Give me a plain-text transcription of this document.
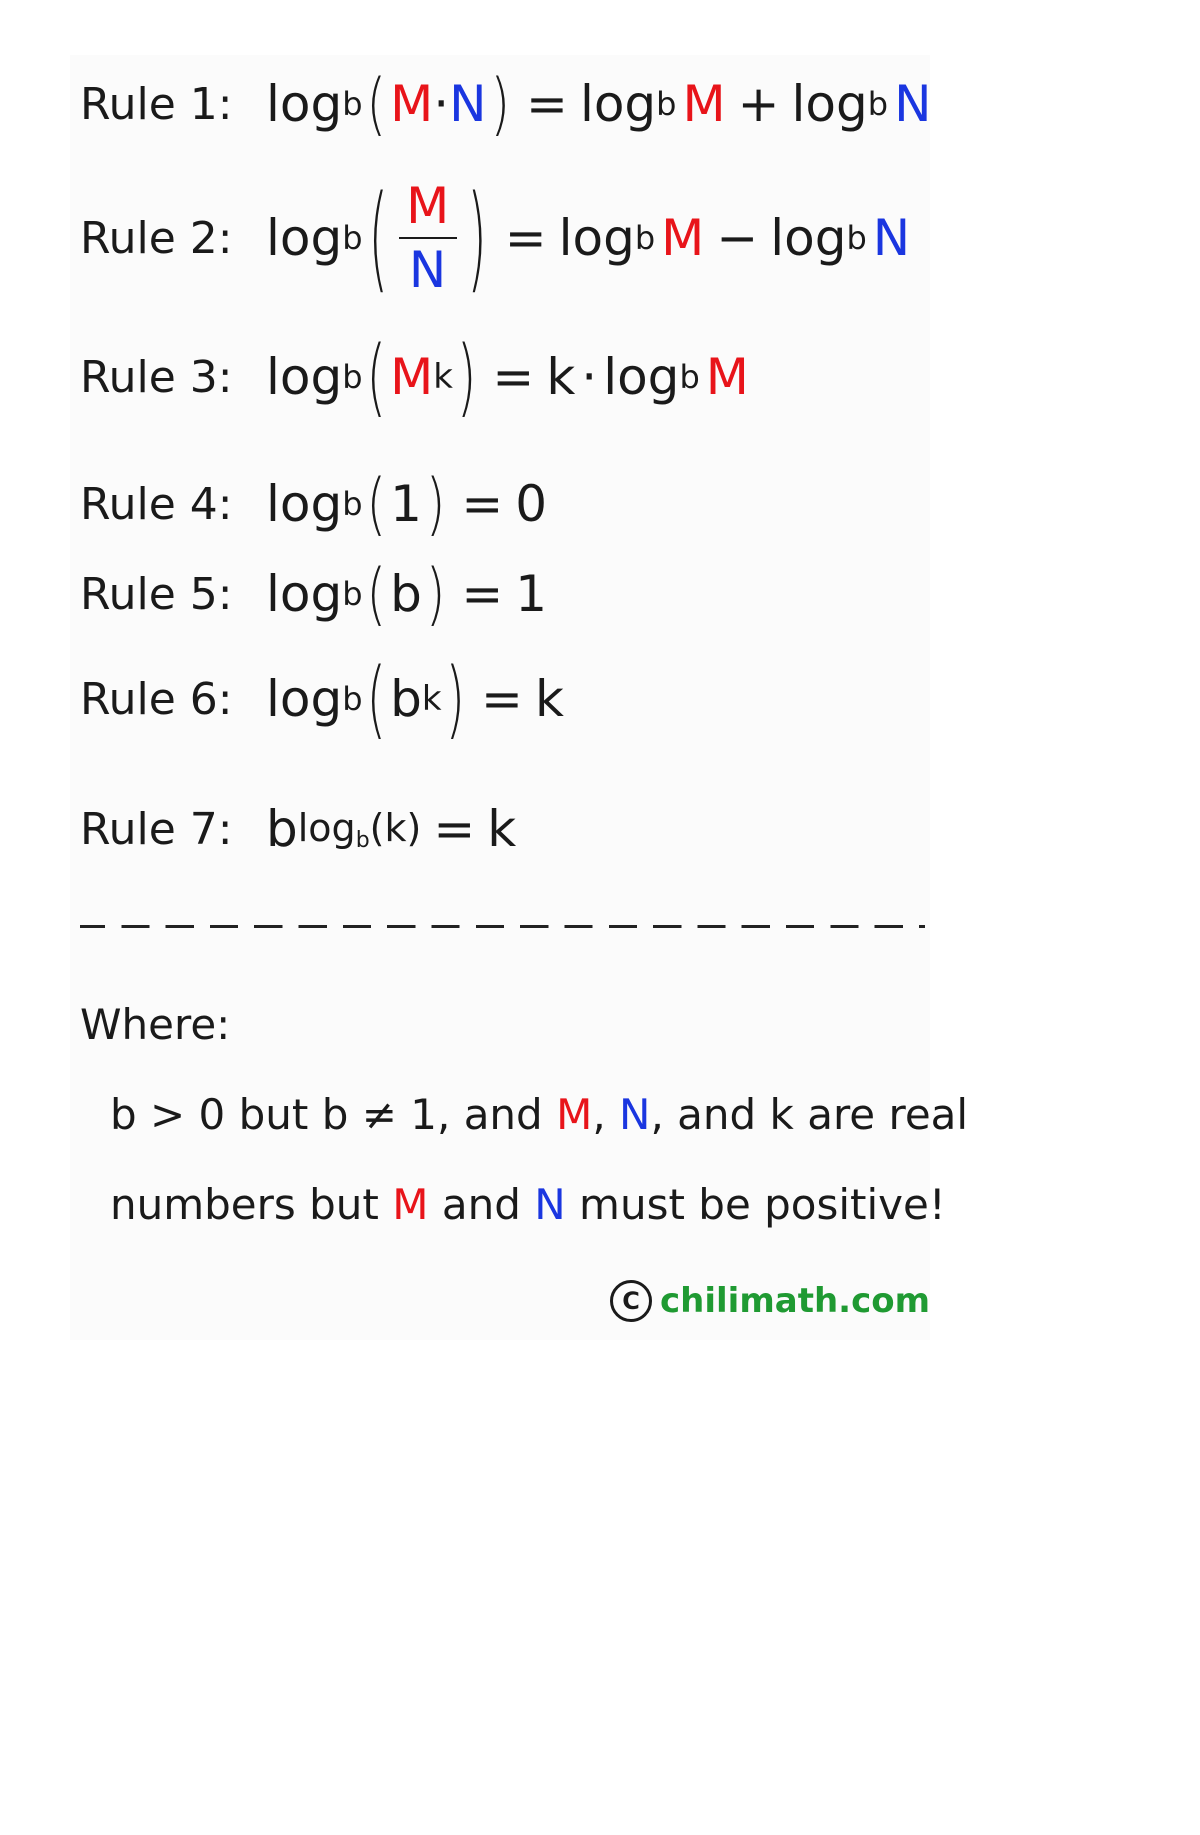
Rule 1: log b ( M · N ) = log b M + log b N
Rule 2: log b ( $\frac{M}{N}$ ) = log b M − log b N
Rule 3: log b ( M k ) = k · log b M
Rule 4: log b ( 1 ) = 0
Rule 5: log b ( b ) = 1
Rule 6: log b ( b k ) = k
Rule 7: b $\log_b(k) = k$
Where:
b > 0 but b ≠ 1, and M, N, and k are real
numbers but M and N must be positive!
C chilimath.com
